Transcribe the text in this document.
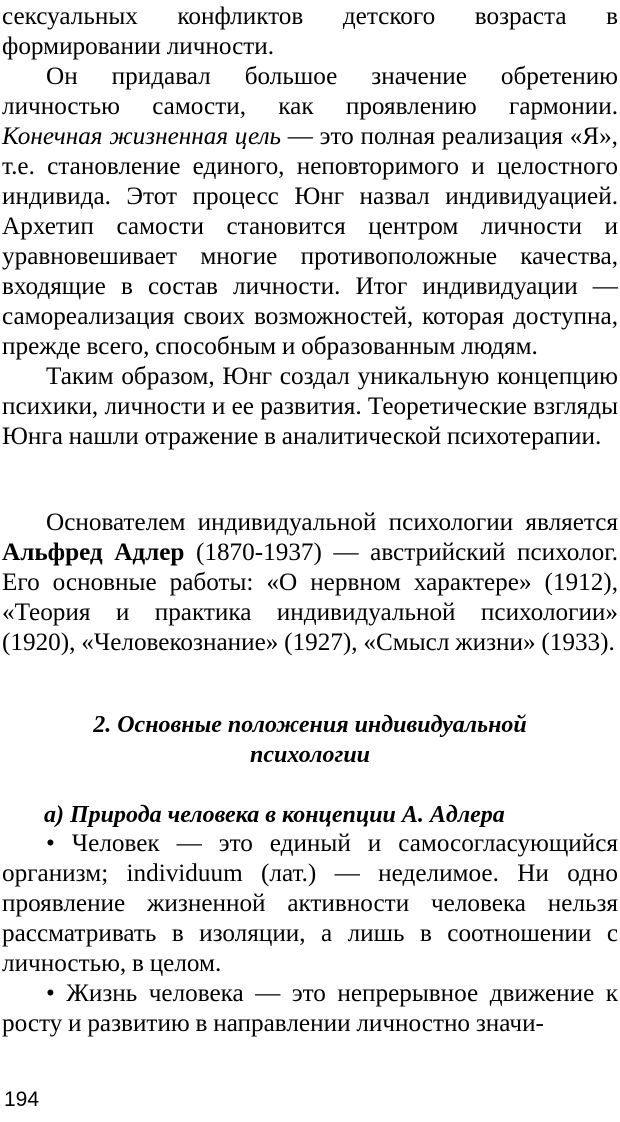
сексуальных конфликтов детского возраста в формировании личности.

Он придавал большое значение обретению личностью самости, как проявлению гармонии. Конечная жизненная цель — это полная реализация «Я», т.е. становление единого, неповторимого и целостного индивида. Этот процесс Юнг назвал индивидуацией. Архетип самости становится центром личности и уравновешивает многие противоположные качества, входящие в состав личности. Итог индивидуации — самореализация своих возможностей, которая доступна, прежде всего, способным и образованным людям.

Таким образом, Юнг создал уникальную концепцию психики, личности и ее развития. Теоретические взгляды Юнга нашли отражение в аналитической психотерапии.

Основателем индивидуальной психологии является Альфред Адлер (1870-1937) — австрийский психолог. Его основные работы: «О нервном характере» (1912), «Теория и практика индивидуальной психологии» (1920), «Человекознание» (1927), «Смысл жизни» (1933).

2. Основные положения индивидуальной
психологии
а) Природа человека в концепции А. Адлера

• Человек — это единый и самосогласующийся организм; individuum (лат.) — неделимое. Ни одно проявление жизненной активности человека нельзя рассматривать в изоляции, а лишь в соотношении с личностью, в целом.

• Жизнь человека — это непрерывное движение к росту и развитию в направлении личностно значи-

194
